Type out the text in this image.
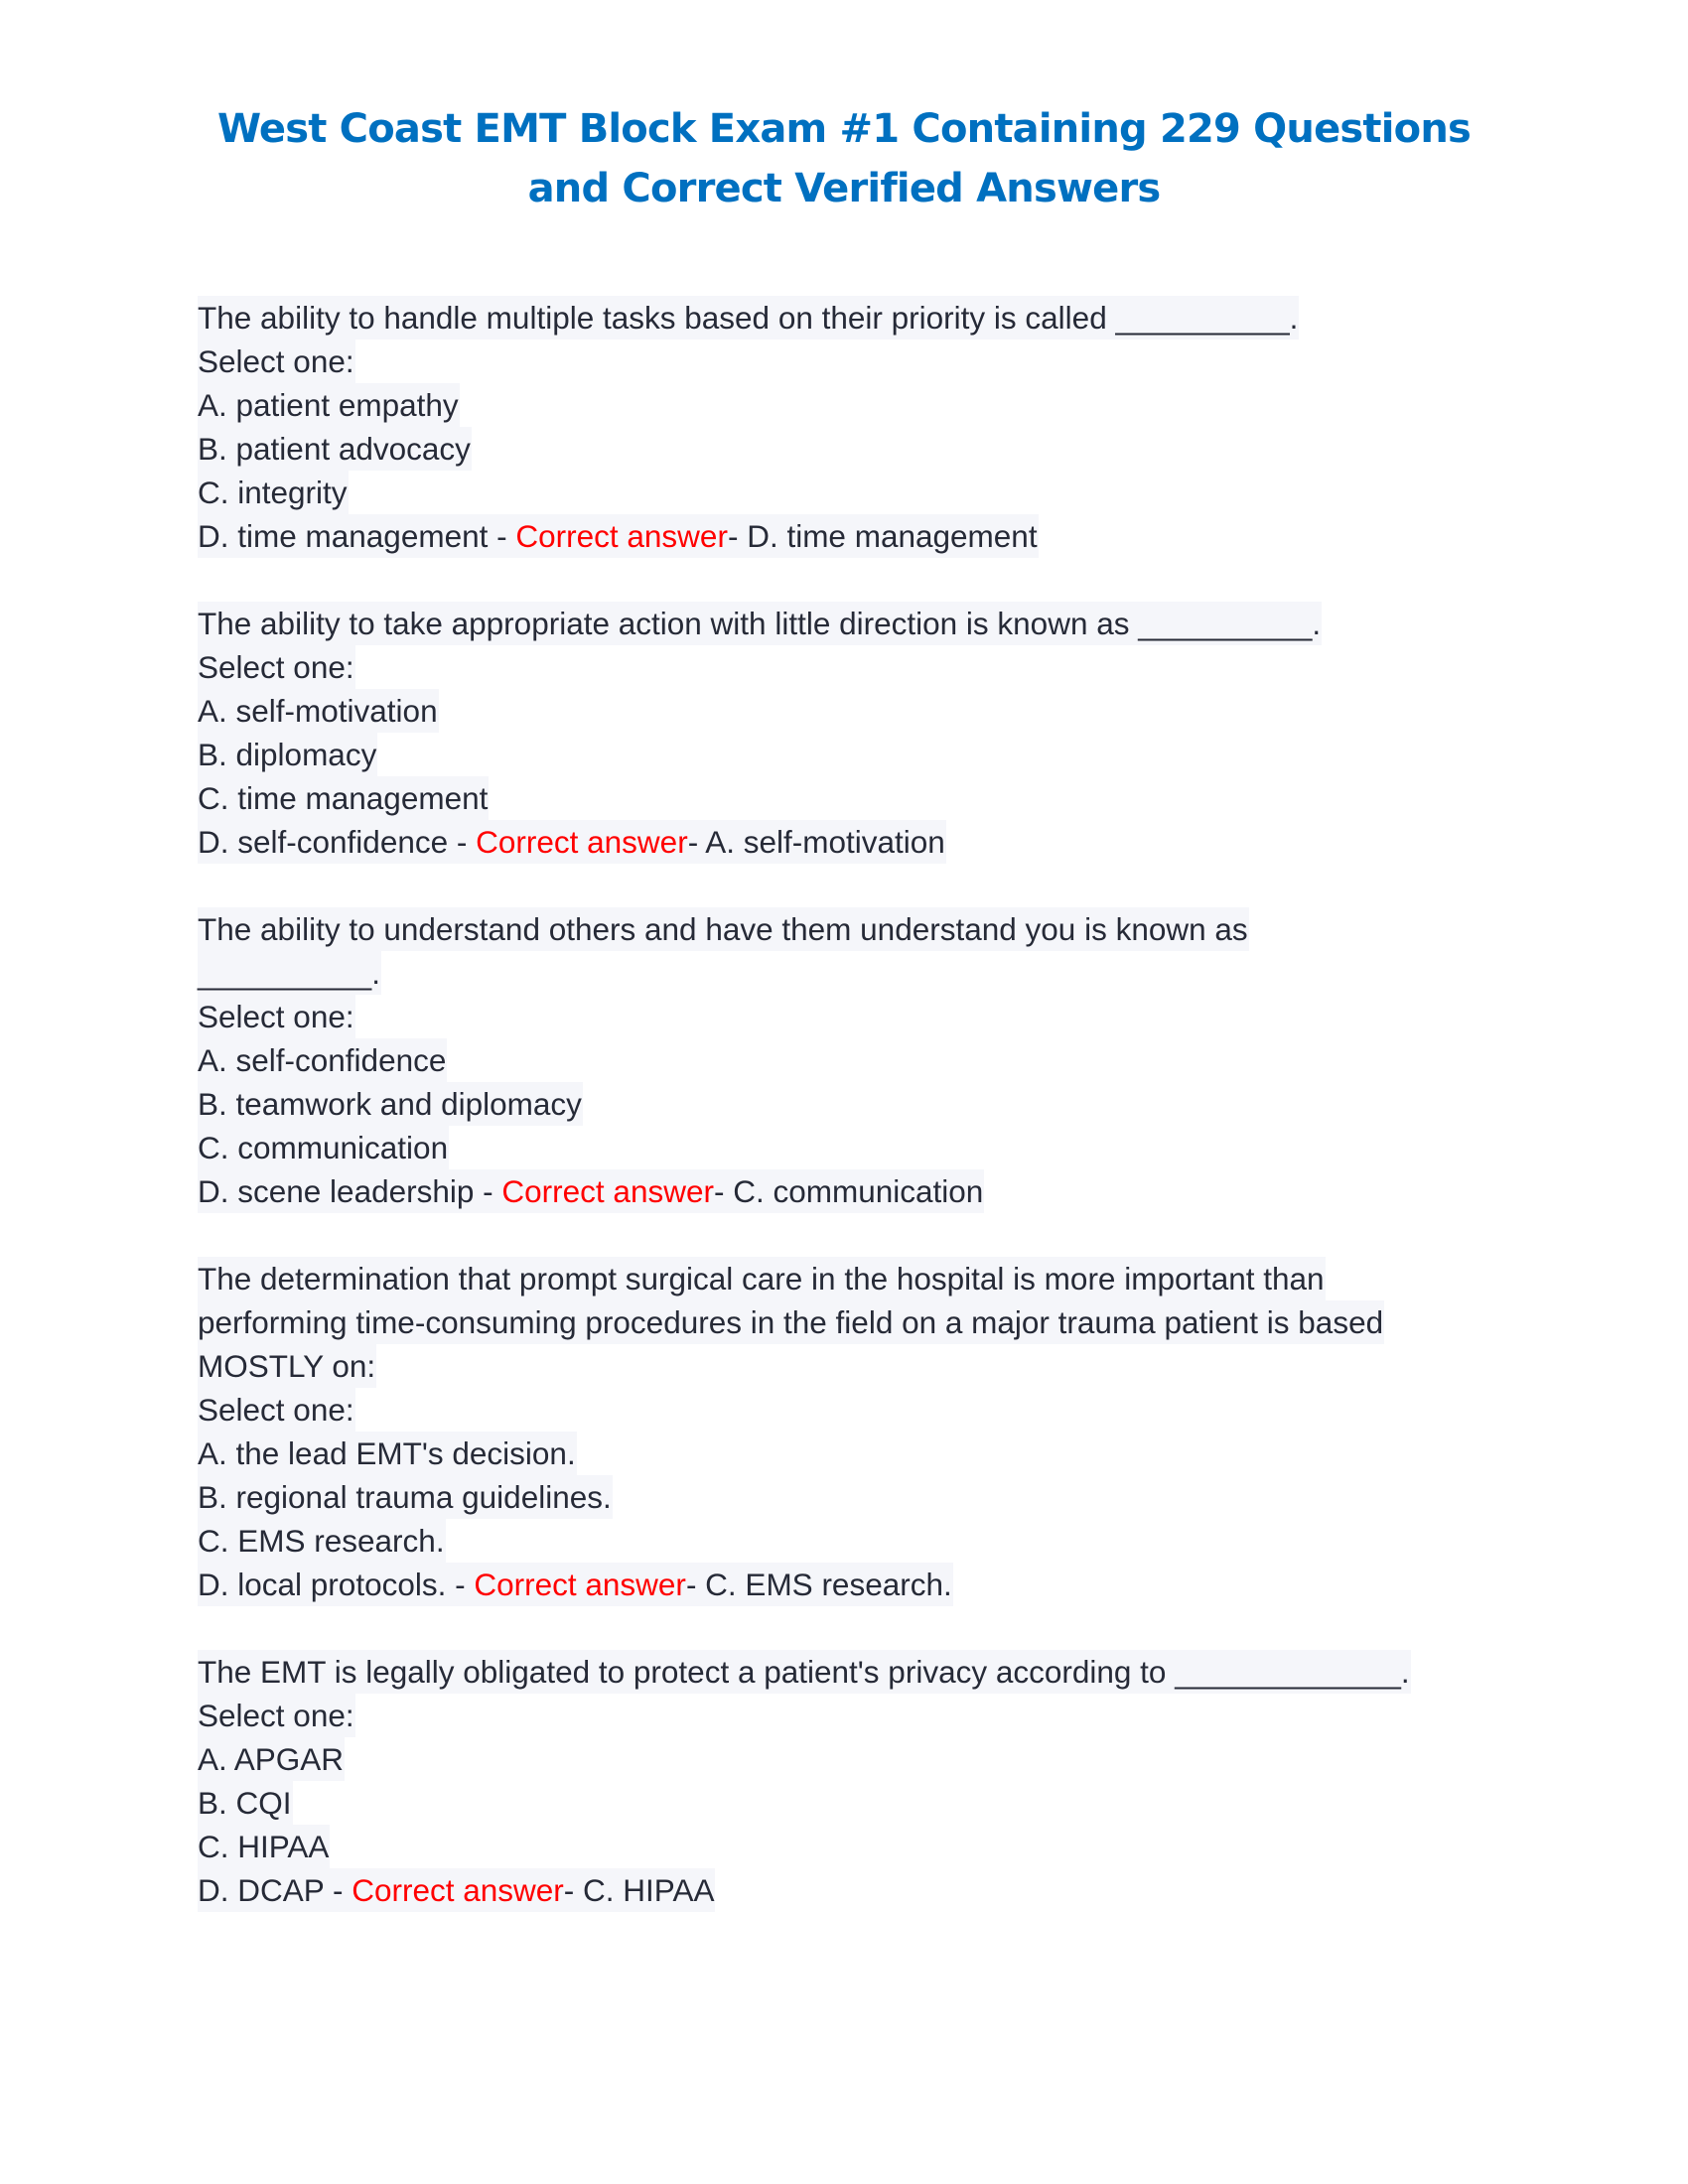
West Coast EMT Block Exam #1 Containing 229 Questions
and Correct Verified Answers
The ability to handle multiple tasks based on their priority is called __________.
Select one:
A. patient empathy
B. patient advocacy
C. integrity
D. time management - Correct answer- D. time management
The ability to take appropriate action with little direction is known as __________.
Select one:
A. self-motivation
B. diplomacy
C. time management
D. self-confidence - Correct answer- A. self-motivation
The ability to understand others and have them understand you is known as
__________.
Select one:
A. self-confidence
B. teamwork and diplomacy
C. communication
D. scene leadership - Correct answer- C. communication
The determination that prompt surgical care in the hospital is more important than
performing time-consuming procedures in the field on a major trauma patient is based
MOSTLY on:
Select one:
A. the lead EMT's decision.
B. regional trauma guidelines.
C. EMS research.
D. local protocols. - Correct answer- C. EMS research.
The EMT is legally obligated to protect a patient's privacy according to _____________.
Select one:
A. APGAR
B. CQI
C. HIPAA
D. DCAP - Correct answer- C. HIPAA
